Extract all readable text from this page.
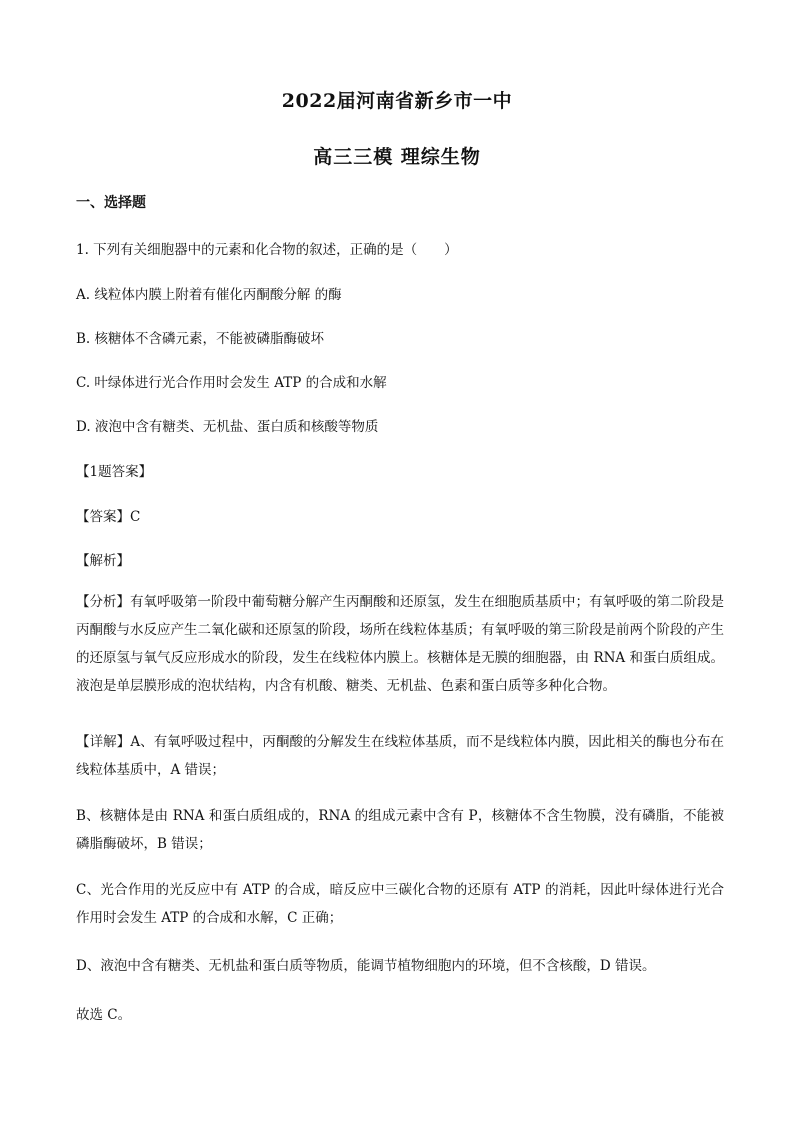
2022届河南省新乡市一中
高三三模 理综生物
一、选择题
1. 下列有关细胞器中的元素和化合物的叙述，正确的是（　　）
A. 线粒体内膜上附着有催化丙酮酸分解 的酶
B. 核糖体不含磷元素，不能被磷脂酶破坏
C. 叶绿体进行光合作用时会发生 ATP 的合成和水解
D. 液泡中含有糖类、无机盐、蛋白质和核酸等物质
【1题答案】
【答案】C
【解析】
【分析】有氧呼吸第一阶段中葡萄糖分解产生丙酮酸和还原氢，发生在细胞质基质中；有氧呼吸的第二阶段是丙酮酸与水反应产生二氧化碳和还原氢的阶段，场所在线粒体基质；有氧呼吸的第三阶段是前两个阶段的产生的还原氢与氧气反应形成水的阶段，发生在线粒体内膜上。核糖体是无膜的细胞器，由 RNA 和蛋白质组成。液泡是单层膜形成的泡状结构，内含有机酸、糖类、无机盐、色素和蛋白质等多种化合物。
【详解】A、有氧呼吸过程中，丙酮酸的分解发生在线粒体基质，而不是线粒体内膜，因此相关的酶也分布在线粒体基质中，A 错误；
B、核糖体是由 RNA 和蛋白质组成的，RNA 的组成元素中含有 P，核糖体不含生物膜，没有磷脂，不能被磷脂酶破坏，B 错误；
C、光合作用的光反应中有 ATP 的合成，暗反应中三碳化合物的还原有 ATP 的消耗，因此叶绿体进行光合作用时会发生 ATP 的合成和水解，C 正确；
D、液泡中含有糖类、无机盐和蛋白质等物质，能调节植物细胞内的环境，但不含核酸，D 错误。
故选 C。
